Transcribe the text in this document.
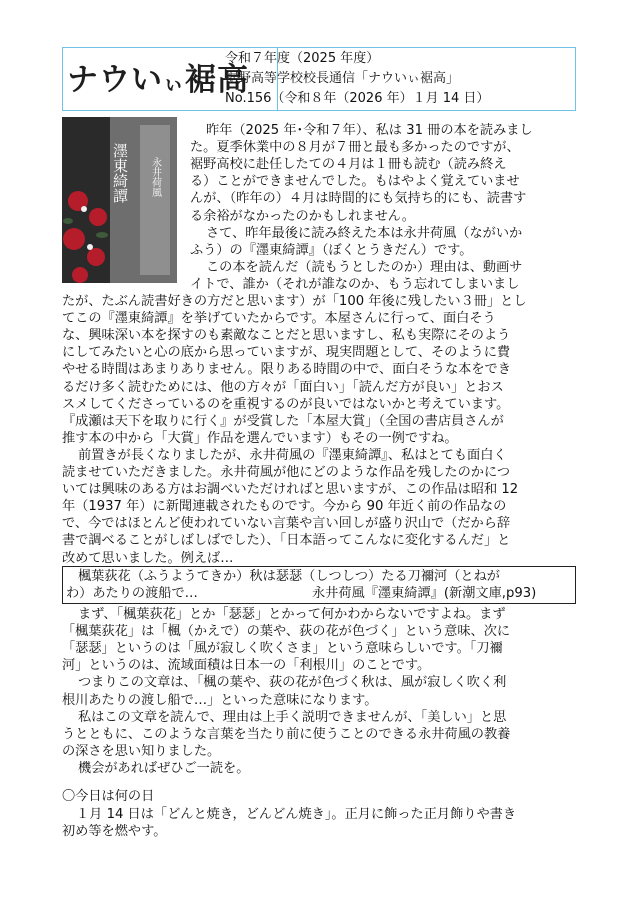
ナウいぃ裾高
令和７年度（2025 年度）
裾野高等学校校長通信「ナウいぃ裾高」
No.156（令和８年（2026 年）１月 14 日）
濹東綺譚 永井荷風
昨年（2025 年･令和７年）、私は 31 冊の本を読みまし
た。夏季休業中の８月が７冊と最も多かったのですが、
裾野高校に赴任したての４月は１冊も読む（読み終え
る）ことができませんでした。もはやよく覚えていませ
んが、（昨年の）４月は時間的にも気持ち的にも、読書す
る余裕がなかったのかもしれません。
さて、昨年最後に読み終えた本は永井荷風（ながいか
ふう）の『濹東綺譚』（ぼくとうきだん）です。
この本を読んだ（読もうとしたのか）理由は、動画サ
イトで、誰か（それが誰なのか、もう忘れてしまいまし
たが、たぶん読書好きの方だと思います）が「100 年後に残したい３冊」とし
てこの『濹東綺譚』を挙げていたからです。本屋さんに行って、面白そう
な、興味深い本を探すのも素敵なことだと思いますし、私も実際にそのよう
にしてみたいと心の底から思っていますが、現実問題として、そのように費
やせる時間はあまりありません。限りある時間の中で、面白そうな本をでき
るだけ多く読むためには、他の方々が「面白い」「読んだ方が良い」とおス
スメしてくださっているのを重視するのが良いではないかと考えています。
『成瀬は天下を取りに行く』が受賞した「本屋大賞」（全国の書店員さんが
推す本の中から「大賞」作品を選んでいます）もその一例ですね。
前置きが長くなりましたが、永井荷風の『濹東綺譚』、私はとても面白く
読ませていただきました。永井荷風が他にどのような作品を残したのかにつ
いては興味のある方はお調べいただければと思いますが、この作品は昭和 12
年（1937 年）に新聞連載されたものです。今から 90 年近く前の作品なの
で、今ではほとんど使われていない言葉や言い回しが盛り沢山で（だから辞
書で調べることがしばしばでした）、「日本語ってこんなに変化するんだ」と
改めて思いました。例えば…
楓葉荻花（ふうようてきか）秋は瑟瑟（しつしつ）たる刀禰河（とねが
わ）あたりの渡船で…	永井荷風『濹東綺譚』(新潮文庫,p93)
まず、「楓葉荻花」とか「瑟瑟」とかって何かわからないですよね。まず
「楓葉荻花」は「楓（かえで）の葉や、荻の花が色づく」という意味、次に
「瑟瑟」というのは「風が寂しく吹くさま」という意味らしいです。「刀禰
河」というのは、流域面積は日本一の「利根川」のことです。
つまりこの文章は、「楓の葉や、荻の花が色づく秋は、風が寂しく吹く利
根川あたりの渡し船で…」といった意味になります。
私はこの文章を読んで、理由は上手く説明できませんが、「美しい」と思
うとともに、このような言葉を当たり前に使うことのできる永井荷風の教養
の深さを思い知りました。
機会があればぜひご一読を。
〇今日は何の日
１月 14 日は「どんと焼き，どんどん焼き」。正月に飾った正月飾りや書き
初め等を燃やす。
